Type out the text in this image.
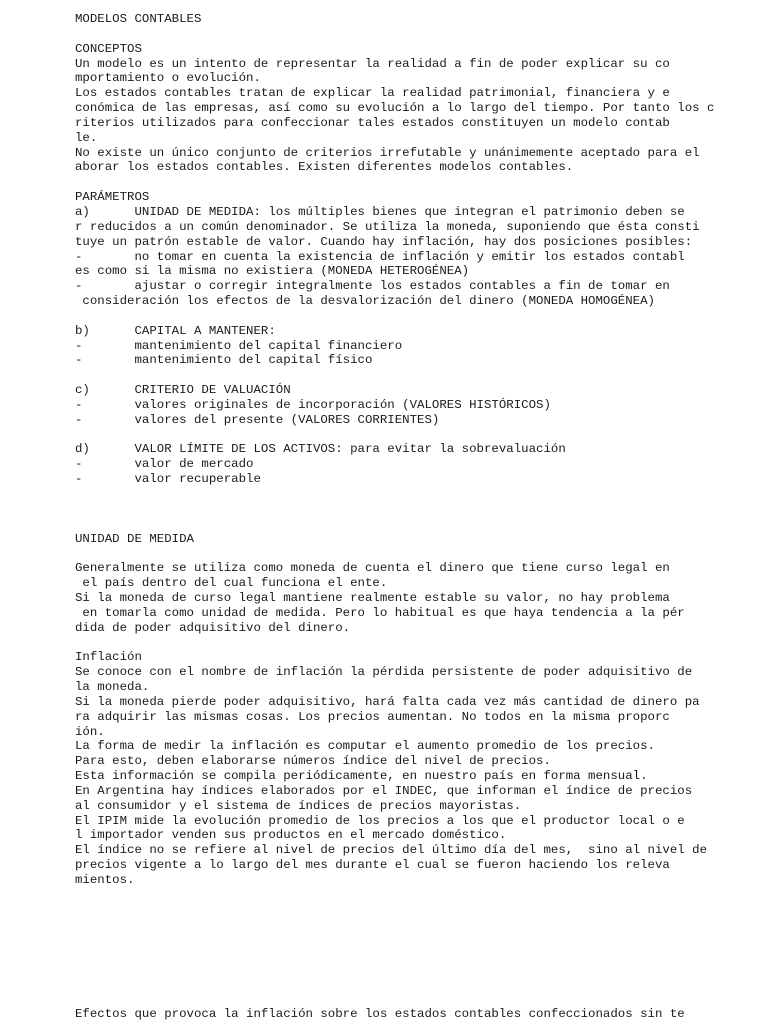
MODELOS CONTABLES
CONCEPTOS
Un modelo es un intento de representar la realidad a fin de poder explicar su co
mportamiento o evolución.
Los estados contables tratan de explicar la realidad patrimonial, financiera y e
conómica de las empresas, así como su evolución a lo largo del tiempo. Por tanto los c
riterios utilizados para confeccionar tales estados constituyen un modelo contab
le.
No existe un único conjunto de criterios irrefutable y unánimemente aceptado para el
aborar los estados contables. Existen diferentes modelos contables.
PARÁMETROS
a)      UNIDAD DE MEDIDA: los múltiples bienes que integran el patrimonio deben se
r reducidos a un común denominador. Se utiliza la moneda, suponiendo que ésta consti
tuye un patrón estable de valor. Cuando hay inflación, hay dos posiciones posibles:
-       no tomar en cuenta la existencia de inflación y emitir los estados contabl
es como si la misma no existiera (MONEDA HETEROGÉNEA)
-       ajustar o corregir integralmente los estados contables a fin de tomar en
consideración los efectos de la desvalorización del dinero (MONEDA HOMOGÉNEA)
b)      CAPITAL A MANTENER:
-       mantenimiento del capital financiero
-       mantenimiento del capital físico
c)      CRITERIO DE VALUACIÓN
-       valores originales de incorporación (VALORES HISTÓRICOS)
-       valores del presente (VALORES CORRIENTES)
d)      VALOR LÍMITE DE LOS ACTIVOS: para evitar la sobrevaluación
-       valor de mercado
-       valor recuperable
UNIDAD DE MEDIDA
Generalmente se utiliza como moneda de cuenta el dinero que tiene curso legal en
el país dentro del cual funciona el ente.
Si la moneda de curso legal mantiene realmente estable su valor, no hay problema
en tomarla como unidad de medida. Pero lo habitual es que haya tendencia a la pér
dida de poder adquisitivo del dinero.
Inflación
Se conoce con el nombre de inflación la pérdida persistente de poder adquisitivo de
la moneda.
Si la moneda pierde poder adquisitivo, hará falta cada vez más cantidad de dinero pa
ra adquirir las mismas cosas. Los precios aumentan. No todos en la misma proporc
ión.
La forma de medir la inflación es computar el aumento promedio de los precios.
Para esto, deben elaborarse números índice del nivel de precios.
Esta información se compila periódicamente, en nuestro país en forma mensual.
En Argentina hay índices elaborados por el INDEC, que informan el índice de precios
al consumidor y el sistema de índices de precios mayoristas.
El IPIM mide la evolución promedio de los precios a los que el productor local o e
l importador venden sus productos en el mercado doméstico.
El índice no se refiere al nivel de precios del último día del mes,  sino al nivel de
precios vigente a lo largo del mes durante el cual se fueron haciendo los releva
mientos.
Efectos que provoca la inflación sobre los estados contables confeccionados sin te
